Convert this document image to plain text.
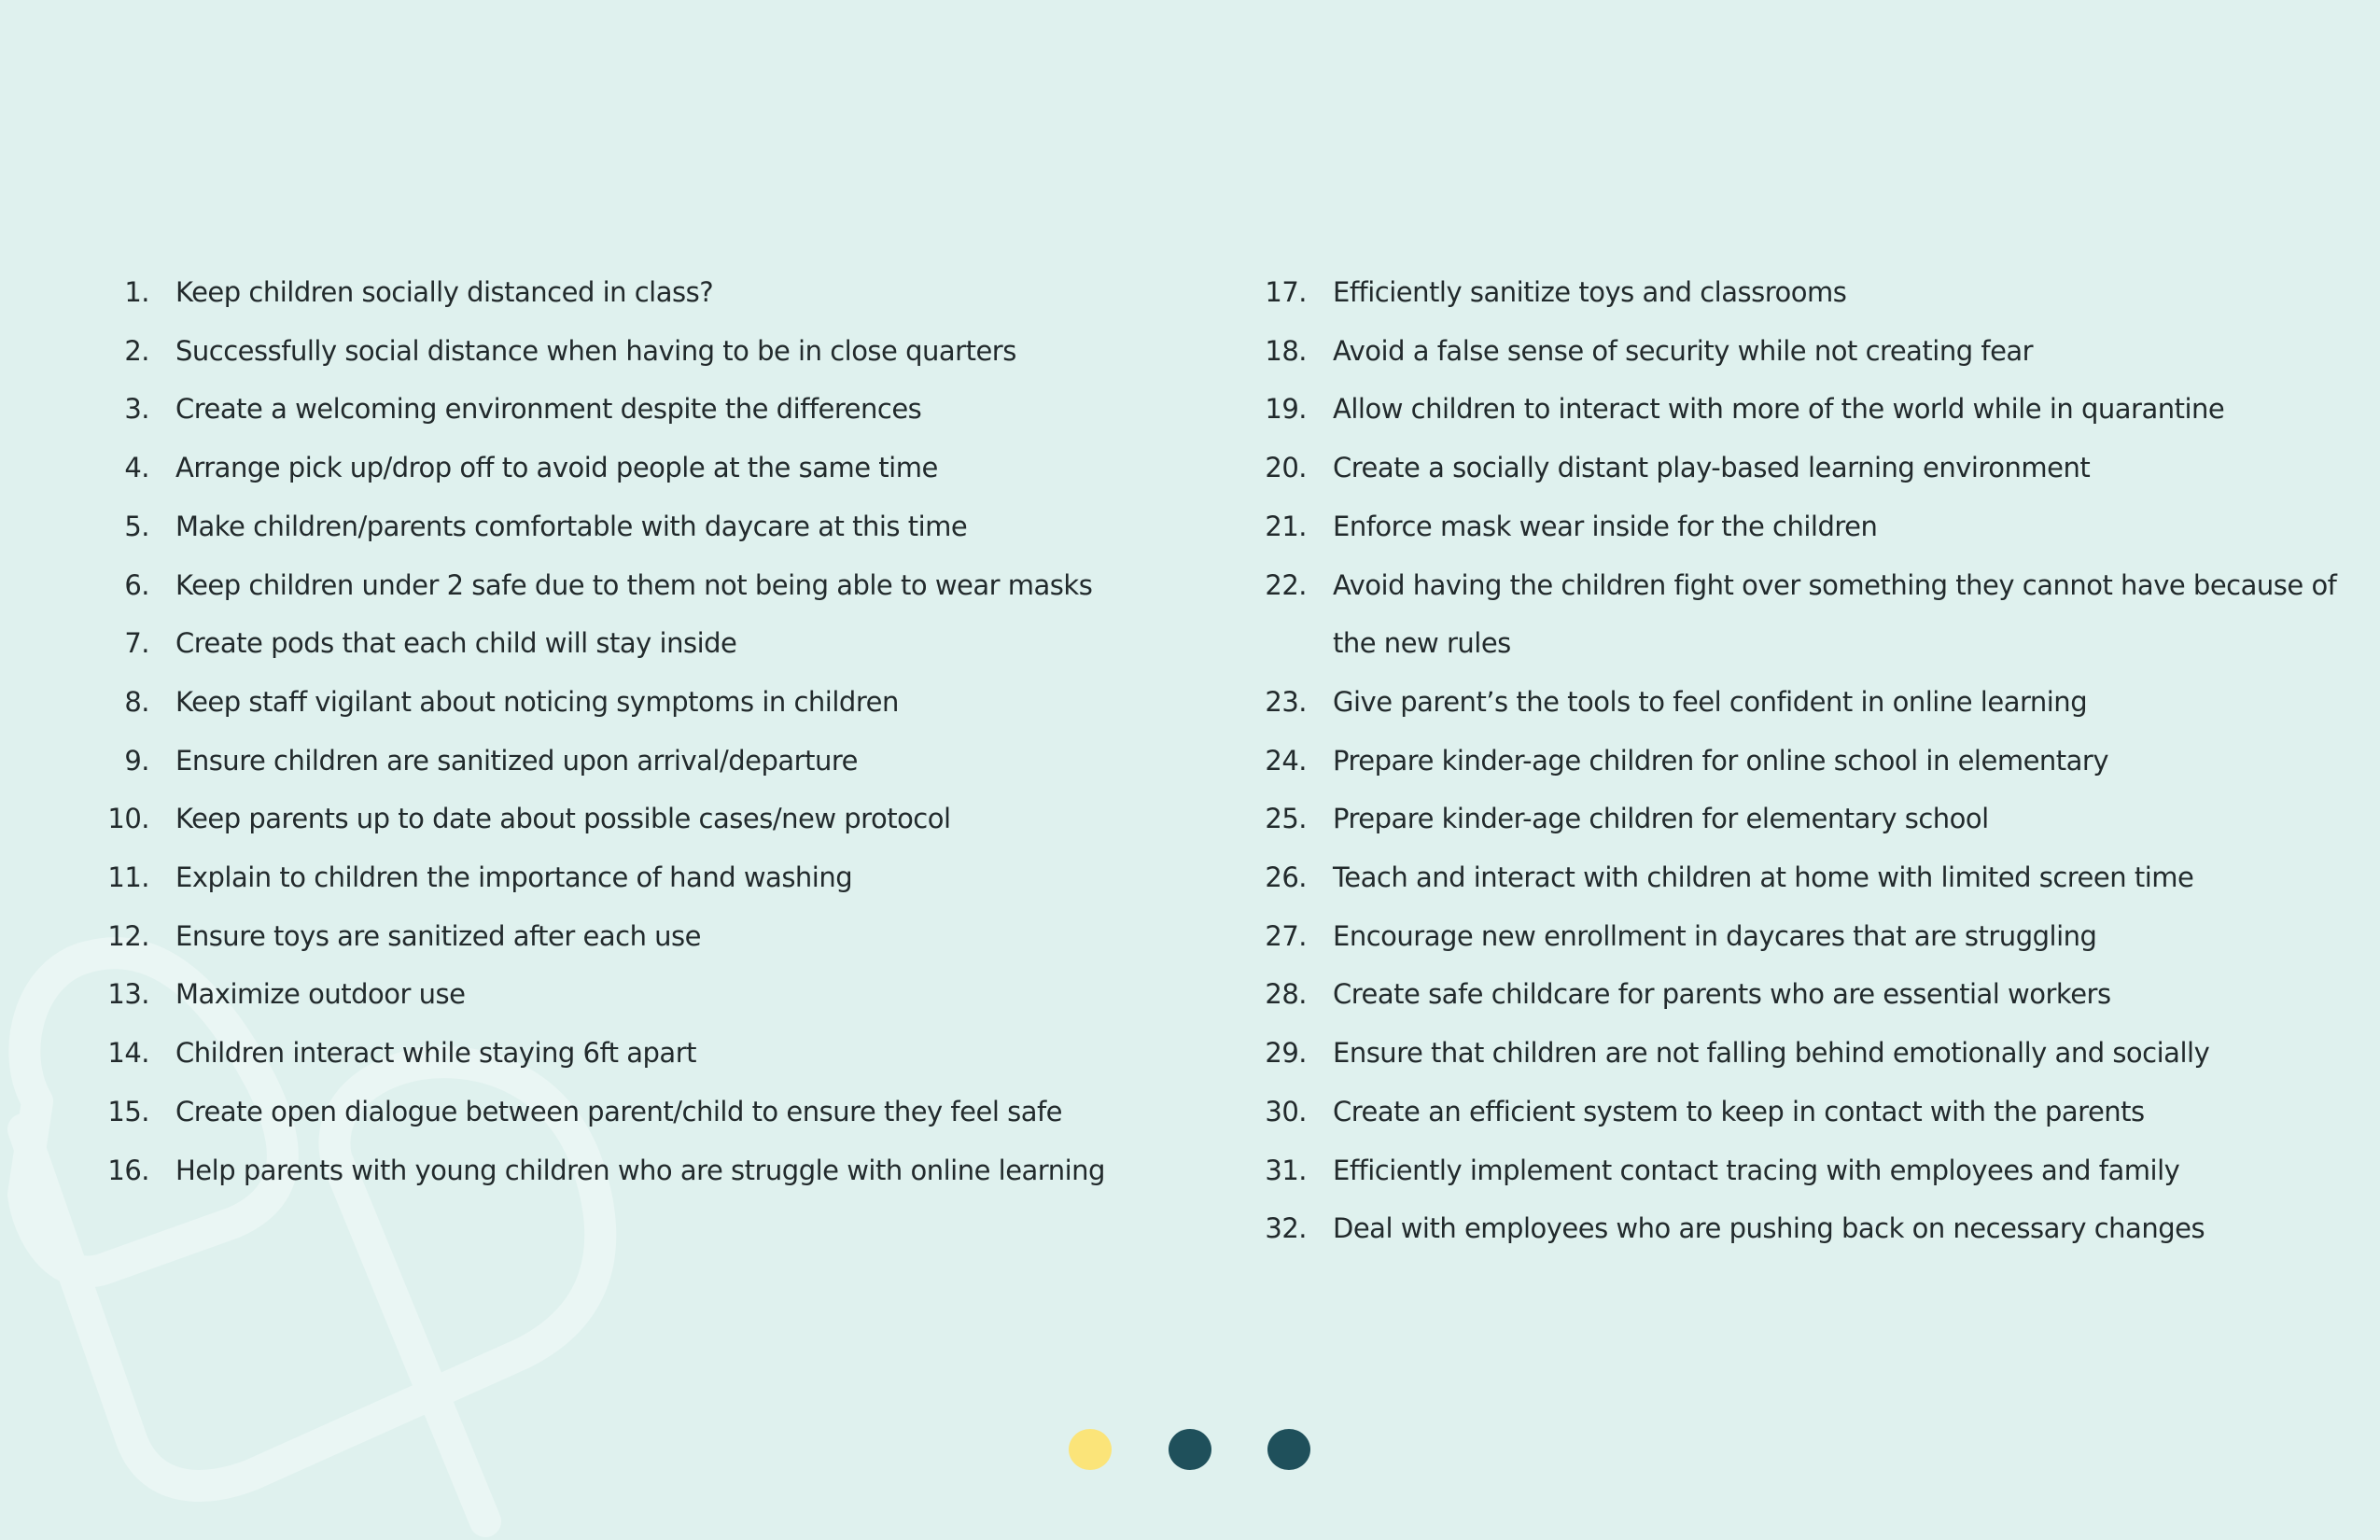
1. Keep children socially distanced in class?
2. Successfully social distance when having to be in close quarters
3. Create a welcoming environment despite the differences
4. Arrange pick up/drop off to avoid people at the same time
5. Make children/parents comfortable with daycare at this time
6. Keep children under 2 safe due to them not being able to wear masks
7. Create pods that each child will stay inside
8. Keep staff vigilant about noticing symptoms in children
9. Ensure children are sanitized upon arrival/departure
10. Keep parents up to date about possible cases/new protocol
11. Explain to children the importance of hand washing
12. Ensure toys are sanitized after each use
13. Maximize outdoor use
14. Children interact while staying 6ft apart
15. Create open dialogue between parent/child to ensure they feel safe
16. Help parents with young children who are struggle with online learning
17. Efficiently sanitize toys and classrooms
18. Avoid a false sense of security while not creating fear
19. Allow children to interact with more of the world while in quarantine
20. Create a socially distant play-based learning environment
21. Enforce mask wear inside for the children
22. Avoid having the children fight over something they cannot have because of the new rules
23. Give parent’s the tools to feel confident in online learning
24. Prepare kinder-age children for online school in elementary
25. Prepare kinder-age children for elementary school
26. Teach and interact with children at home with limited screen time
27. Encourage new enrollment in daycares that are struggling
28. Create safe childcare for parents who are essential workers
29. Ensure that children are not falling behind emotionally and socially
30. Create an efficient system to keep in contact with the parents
31. Efficiently implement contact tracing with employees and family
32. Deal with employees who are pushing back on necessary changes
